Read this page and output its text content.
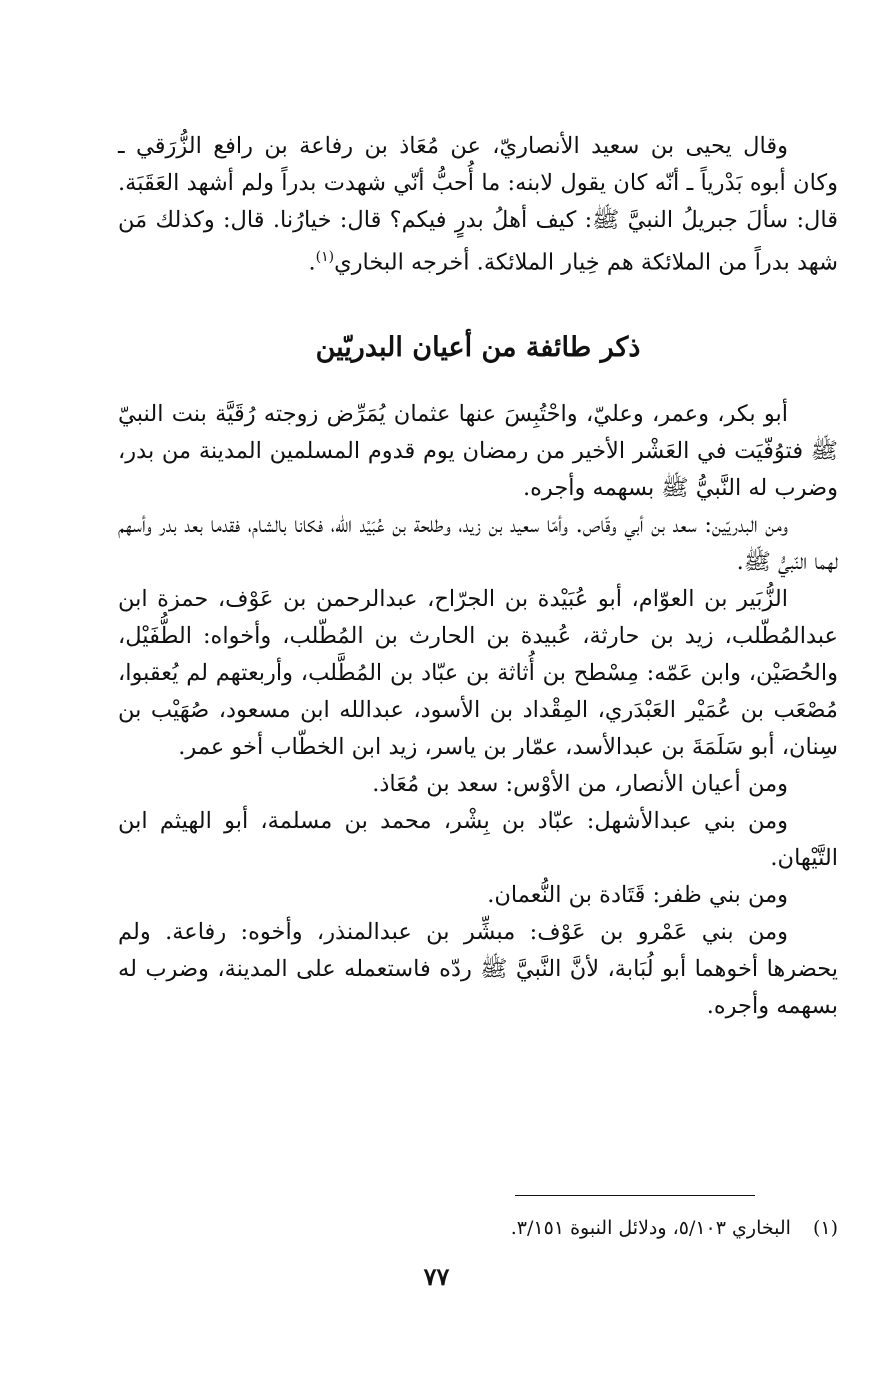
وقال يحيى بن سعيد الأنصاريّ، عن مُعَاذ بن رفاعة بن رافع الزُّرَقي ـ وكان أبوه بَدْرياً ـ أنّه كان يقول لابنه: ما أُحبُّ أنّي شهدت بدراً ولم أشهد العَقَبَة. قال: سألَ جبريلُ النبيَّ ﷺ: كيف أهلُ بدرٍ فيكم؟ قال: خيارُنا. قال: وكذلك مَن شهد بدراً من الملائكة هم خِيار الملائكة. أخرجه البخاري$^{(١)}$.

ذكر طائفة من أعيان البدريّين

أبو بكر، وعمر، وعليّ، واحْتُبِسَ عنها عثمان يُمَرِّض زوجته رُقَيَّة بنت النبيّ ﷺ فتوُفّيَت في العَشْر الأخير من رمضان يوم قدوم المسلمين المدينة من بدر، وضرب له النَّبيُّ ﷺ بسهمه وأجره.

ومن البدريّين: سعد بن أبي وقّاص. وأمّا سعيد بن زيد، وطلحة بن عُبَيْد الله، فكانا بالشام، فقدما بعد بدر وأسهم لهما النّبيُّ ﷺ.

الزُّبَير بن العوّام، أبو عُبَيْدة بن الجرّاح، عبدالرحمن بن عَوْف، حمزة ابن عبدالمُطّلب، زيد بن حارثة، عُبيدة بن الحارث بن المُطّلب، وأخواه: الطُّفَيْل، والحُصَيْن، وابن عَمّه: مِسْطح بن أُثاثة بن عبّاد بن المُطَّلب، وأربعتهم لم يُعقبوا، مُصْعَب بن عُمَيْر العَبْدَري، المِقْداد بن الأسود، عبدالله ابن مسعود، صُهَيْب بن سِنان، أبو سَلَمَةَ بن عبدالأسد، عمّار بن ياسر، زيد ابن الخطّاب أخو عمر.

ومن أعيان الأنصار، من الأوْس: سعد بن مُعَاذ.

ومن بني عبدالأشهل: عبّاد بن بِشْر، محمد بن مسلمة، أبو الهيثم ابن التَّيْهان.

ومن بني ظفر: قَتَادة بن النُّعمان.

ومن بني عَمْرو بن عَوْف: مبشِّر بن عبدالمنذر، وأخوه: رفاعة. ولم يحضرها أخوهما أبو لُبَابة، لأنَّ النَّبيَّ ﷺ ردّه فاستعمله على المدينة، وضرب له بسهمه وأجره.

(١)البخاري ٥/١٠٣، ودلائل النبوة ٣/١٥١.
٧٧
